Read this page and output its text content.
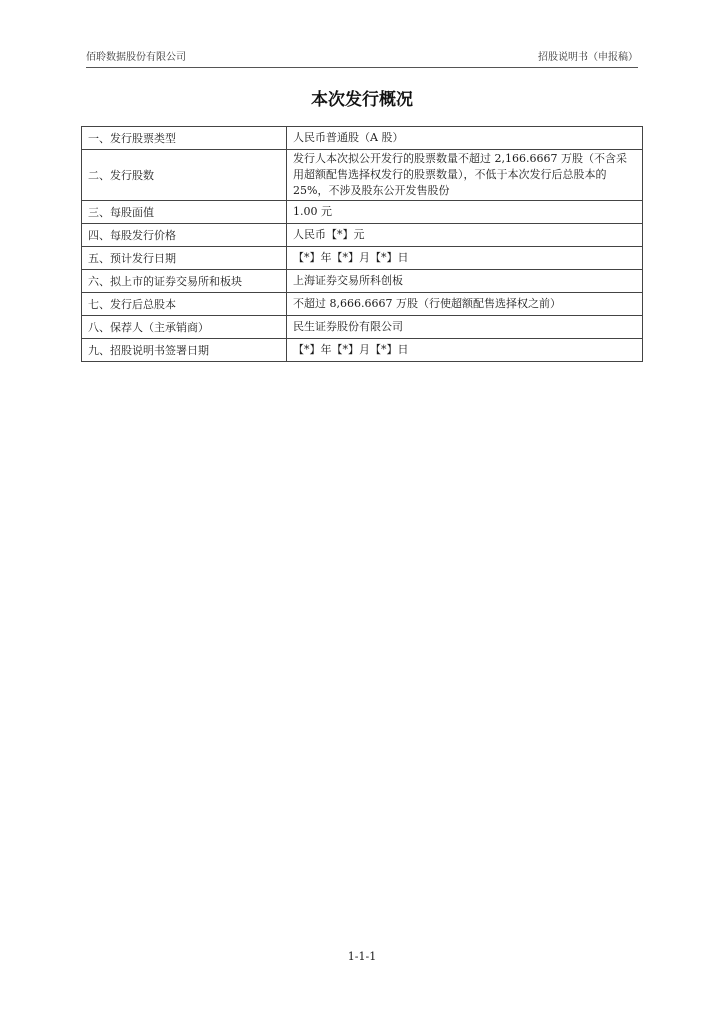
佰聆数据股份有限公司	招股说明书（申报稿）
本次发行概况
一、发行股票类型	人民币普通股（A 股）
二、发行股数	发行人本次拟公开发行的股票数量不超过 2,166.6667 万股（不含采用超额配售选择权发行的股票数量），不低于本次发行后总股本的 25%，不涉及股东公开发售股份
三、每股面值	1.00 元
四、每股发行价格	人民币【*】元
五、预计发行日期	【*】年【*】月【*】日
六、拟上市的证券交易所和板块	上海证券交易所科创板
七、发行后总股本	不超过 8,666.6667 万股（行使超额配售选择权之前）
八、保荐人（主承销商）	民生证券股份有限公司
九、招股说明书签署日期	【*】年【*】月【*】日
1-1-1
